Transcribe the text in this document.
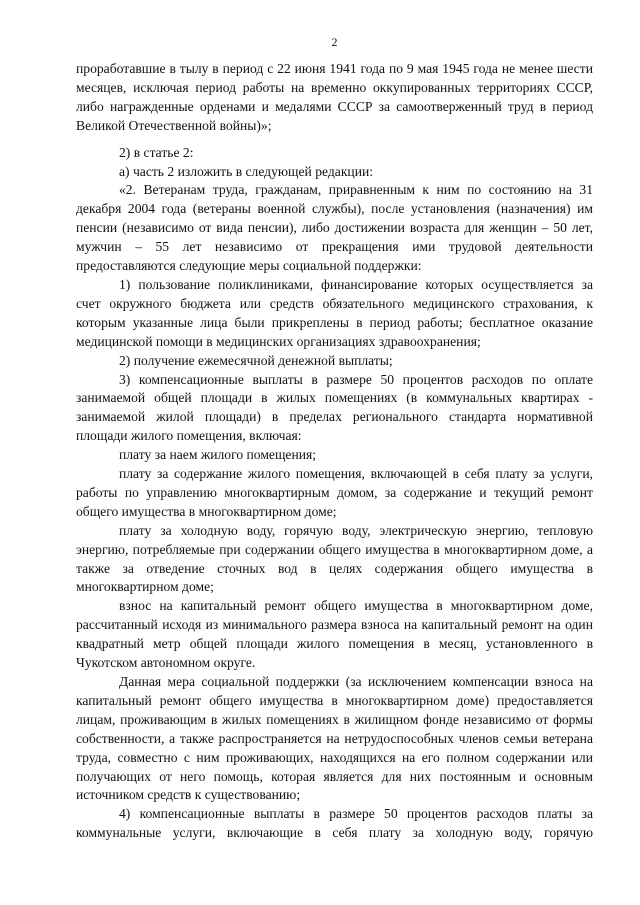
2

проработавшие в тылу в период с 22 июня 1941 года по 9 мая 1945 года не менее шести месяцев, исключая период работы на временно оккупированных территориях СССР, либо награжденные орденами и медалями СССР за самоотверженный труд в период Великой Отечественной войны)»;

2) в статье 2:

а) часть 2 изложить в следующей редакции:

«2. Ветеранам труда, гражданам, приравненным к ним по состоянию на 31 декабря 2004 года (ветераны военной службы), после установления (назначения) им пенсии (независимо от вида пенсии), либо достижении возраста для женщин – 50 лет, мужчин – 55 лет независимо от прекращения ими трудовой деятельности предоставляются следующие меры социальной поддержки:

1) пользование поликлиниками, финансирование которых осуществляется за счет окружного бюджета или средств обязательного медицинского страхования, к которым указанные лица были прикреплены в период работы; бесплатное оказание медицинской помощи в медицинских организациях здравоохранения;

2) получение ежемесячной денежной выплаты;

3) компенсационные выплаты в размере 50 процентов расходов по оплате занимаемой общей площади в жилых помещениях (в коммунальных квартирах - занимаемой жилой площади) в пределах регионального стандарта нормативной площади жилого помещения, включая:

плату за наем жилого помещения;

плату за содержание жилого помещения, включающей в себя плату за услуги, работы по управлению многоквартирным домом, за содержание и текущий ремонт общего имущества в многоквартирном доме;

плату за холодную воду, горячую воду, электрическую энергию, тепловую энергию, потребляемые при содержании общего имущества в многоквартирном доме, а также за отведение сточных вод в целях содержания общего имущества в многоквартирном доме;

взнос на капитальный ремонт общего имущества в многоквартирном доме, рассчитанный исходя из минимального размера взноса на капитальный ремонт на один квадратный метр общей площади жилого помещения в месяц, установленного в Чукотском автономном округе.

Данная мера социальной поддержки (за исключением компенсации взноса на капитальный ремонт общего имущества в многоквартирном доме) предоставляется лицам, проживающим в жилых помещениях в жилищном фонде независимо от формы собственности, а также распространяется на нетрудоспособных членов семьи ветерана труда, совместно с ним проживающих, находящихся на его полном содержании или получающих от него помощь, которая является для них постоянным и основным источником средств к существованию;

4) компенсационные выплаты в размере 50 процентов расходов платы за коммунальные услуги, включающие в себя плату за холодную воду, горячую
